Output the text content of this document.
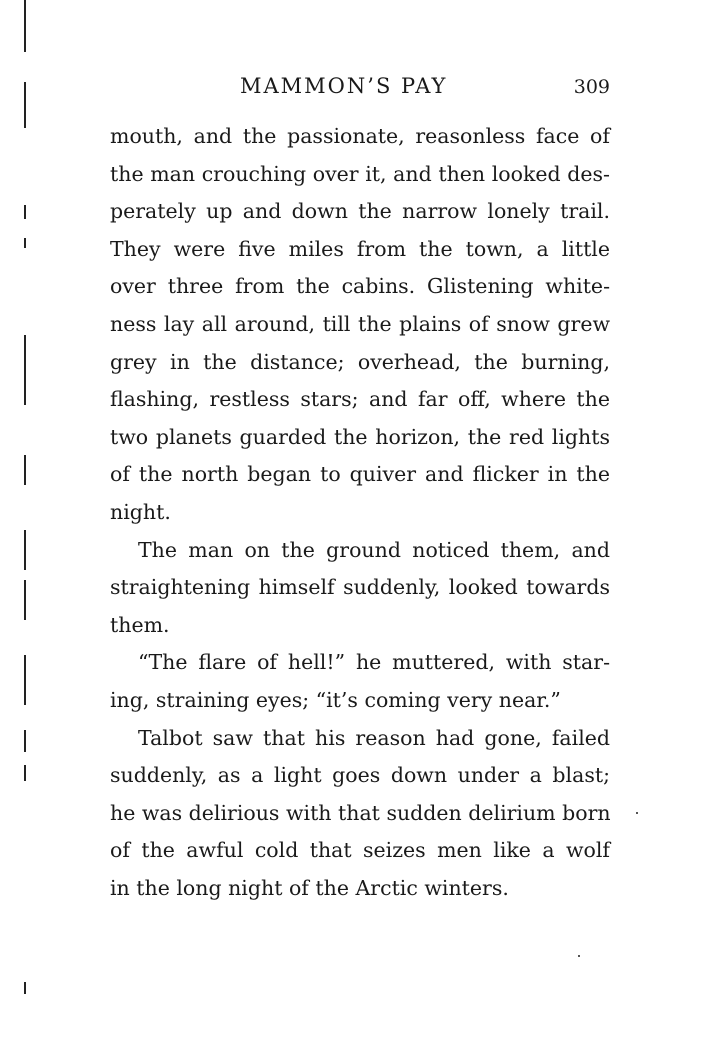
MAMMON’S PAY	309
mouth, and the passionate, reasonless face of
the man crouching over it, and then looked des-
perately up and down the narrow lonely trail.
They were five miles from the town, a little
over three from the cabins. Glistening white-
ness lay all around, till the plains of snow grew
grey in the distance; overhead, the burning,
flashing, restless stars; and far off, where the
two planets guarded the horizon, the red lights
of the north began to quiver and flicker in the
night.
The man on the ground noticed them, and
straightening himself suddenly, looked towards
them.
“The flare of hell!” he muttered, with star-
ing, straining eyes; “it’s coming very near.”
Talbot saw that his reason had gone, failed
suddenly, as a light goes down under a blast;
he was delirious with that sudden delirium born
of the awful cold that seizes men like a wolf
in the long night of the Arctic winters.
